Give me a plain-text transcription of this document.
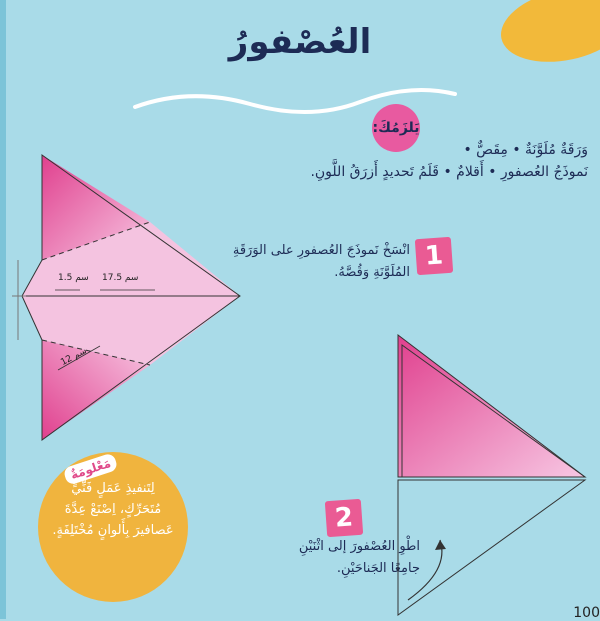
العُصْفورُ
يَلزَمُكَ:
وَرَقَةٌ مُلَوَّنَةٌ • مِقَصٌّ •
نَموذَجُ العُصفورِ • أَقلامٌ • قَلَمُ تَحديدٍ أَزرَقُ اللَّونِ.
17.5 سم
1.5 سم
12 سم
1
انْسَخْ نَموذَجَ العُصفورِ على الوَرَقَةِ
المُلَوَّنَةِ وَقُصَّهُ.
2
اطْوِ العُصْفورَ إلى اثْنَيْنِ
جامِعًا الجَناحَيْنِ.
مَعْلومَةٌ
لِتَنفيذِ عَمَلٍ فَنِّيٍّ مُتَحَرِّكٍ، اِصْنَعْ عِدَّةَ عَصافيرَ بِأَلوانٍ مُخْتَلِفَةٍ.
100
